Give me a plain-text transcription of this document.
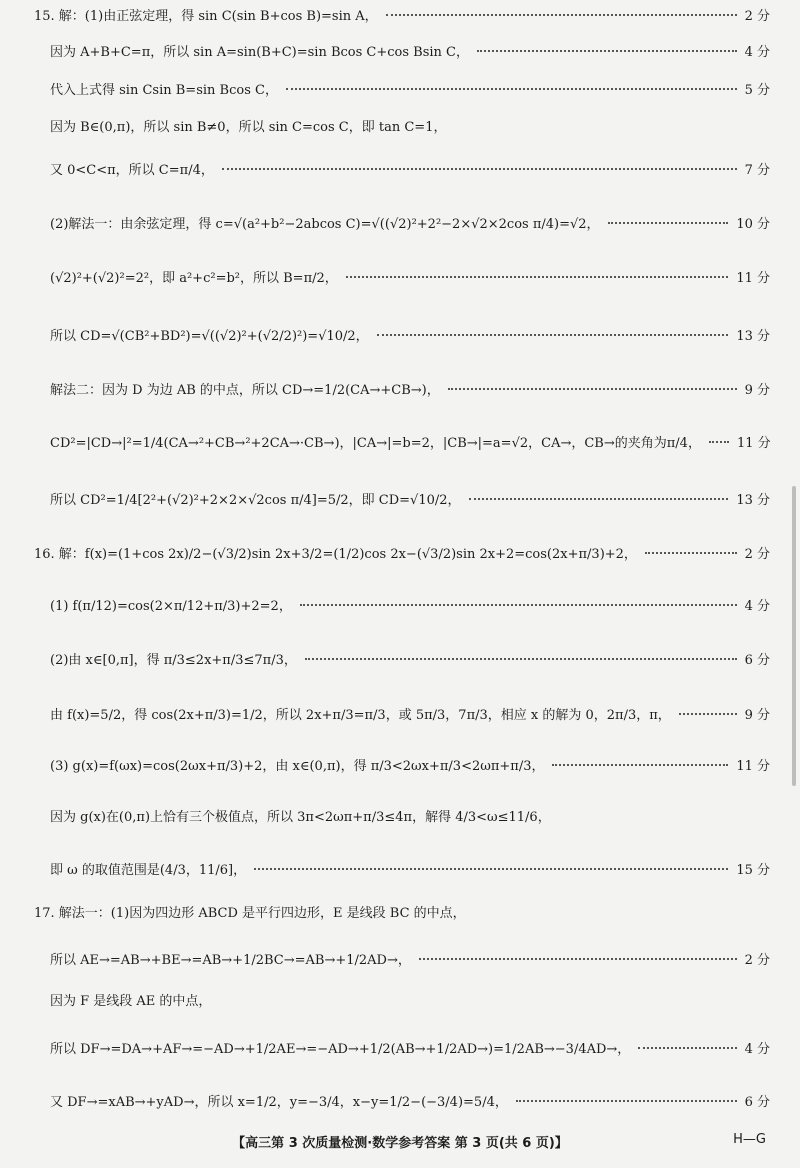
15. 解：(1)由正弦定理，得 sin C(sin B+cos B)=sin A，	2 分
因为 A+B+C=π，所以 sin A=sin(B+C)=sin Bcos C+cos Bsin C，	4 分
代入上式得 sin Csin B=sin Bcos C，	5 分
因为 B∈(0,π)，所以 sin B≠0，所以 sin C=cos C，即 tan C=1，
又 0<C<π，所以 C=π/4，	7 分
(2)解法一：由余弦定理，得 c=√(a²+b²−2abcos C)=√((√2)²+2²−2×√2×2cos π/4)=√2，	10 分
(√2)²+(√2)²=2²，即 a²+c²=b²，所以 B=π/2，	11 分
所以 CD=√(CB²+BD²)=√((√2)²+(√2/2)²)=√10/2，	13 分
解法二：因为 D 为边 AB 的中点，所以 CD→=1/2(CA→+CB→)，	9 分
CD²=|CD→|²=1/4(CA→²+CB→²+2CA→·CB→)，|CA→|=b=2，|CB→|=a=√2，CA→，CB→的夹角为π/4，	11 分
所以 CD²=1/4[2²+(√2)²+2×2×√2cos π/4]=5/2，即 CD=√10/2，	13 分
16. 解：f(x)=(1+cos 2x)/2−(√3/2)sin 2x+3/2=(1/2)cos 2x−(√3/2)sin 2x+2=cos(2x+π/3)+2，	2 分
(1) f(π/12)=cos(2×π/12+π/3)+2=2，	4 分
(2)由 x∈[0,π]，得 π/3≤2x+π/3≤7π/3，	6 分
由 f(x)=5/2，得 cos(2x+π/3)=1/2，所以 2x+π/3=π/3，或 5π/3，7π/3，相应 x 的解为 0，2π/3，π，	9 分
(3) g(x)=f(ωx)=cos(2ωx+π/3)+2，由 x∈(0,π)，得 π/3<2ωx+π/3<2ωπ+π/3，	11 分
因为 g(x)在(0,π)上恰有三个极值点，所以 3π<2ωπ+π/3≤4π，解得 4/3<ω≤11/6，
即 ω 的取值范围是(4/3，11/6]，	15 分
17. 解法一：(1)因为四边形 ABCD 是平行四边形，E 是线段 BC 的中点，
所以 AE→=AB→+BE→=AB→+1/2BC→=AB→+1/2AD→，	2 分
因为 F 是线段 AE 的中点，
所以 DF→=DA→+AF→=−AD→+1/2AE→=−AD→+1/2(AB→+1/2AD→)=1/2AB→−3/4AD→，	4 分
又 DF→=xAB→+yAD→，所以 x=1/2，y=−3/4，x−y=1/2−(−3/4)=5/4，	6 分
【高三第 3 次质量检测·数学参考答案 第 3 页(共 6 页)】	H—G
